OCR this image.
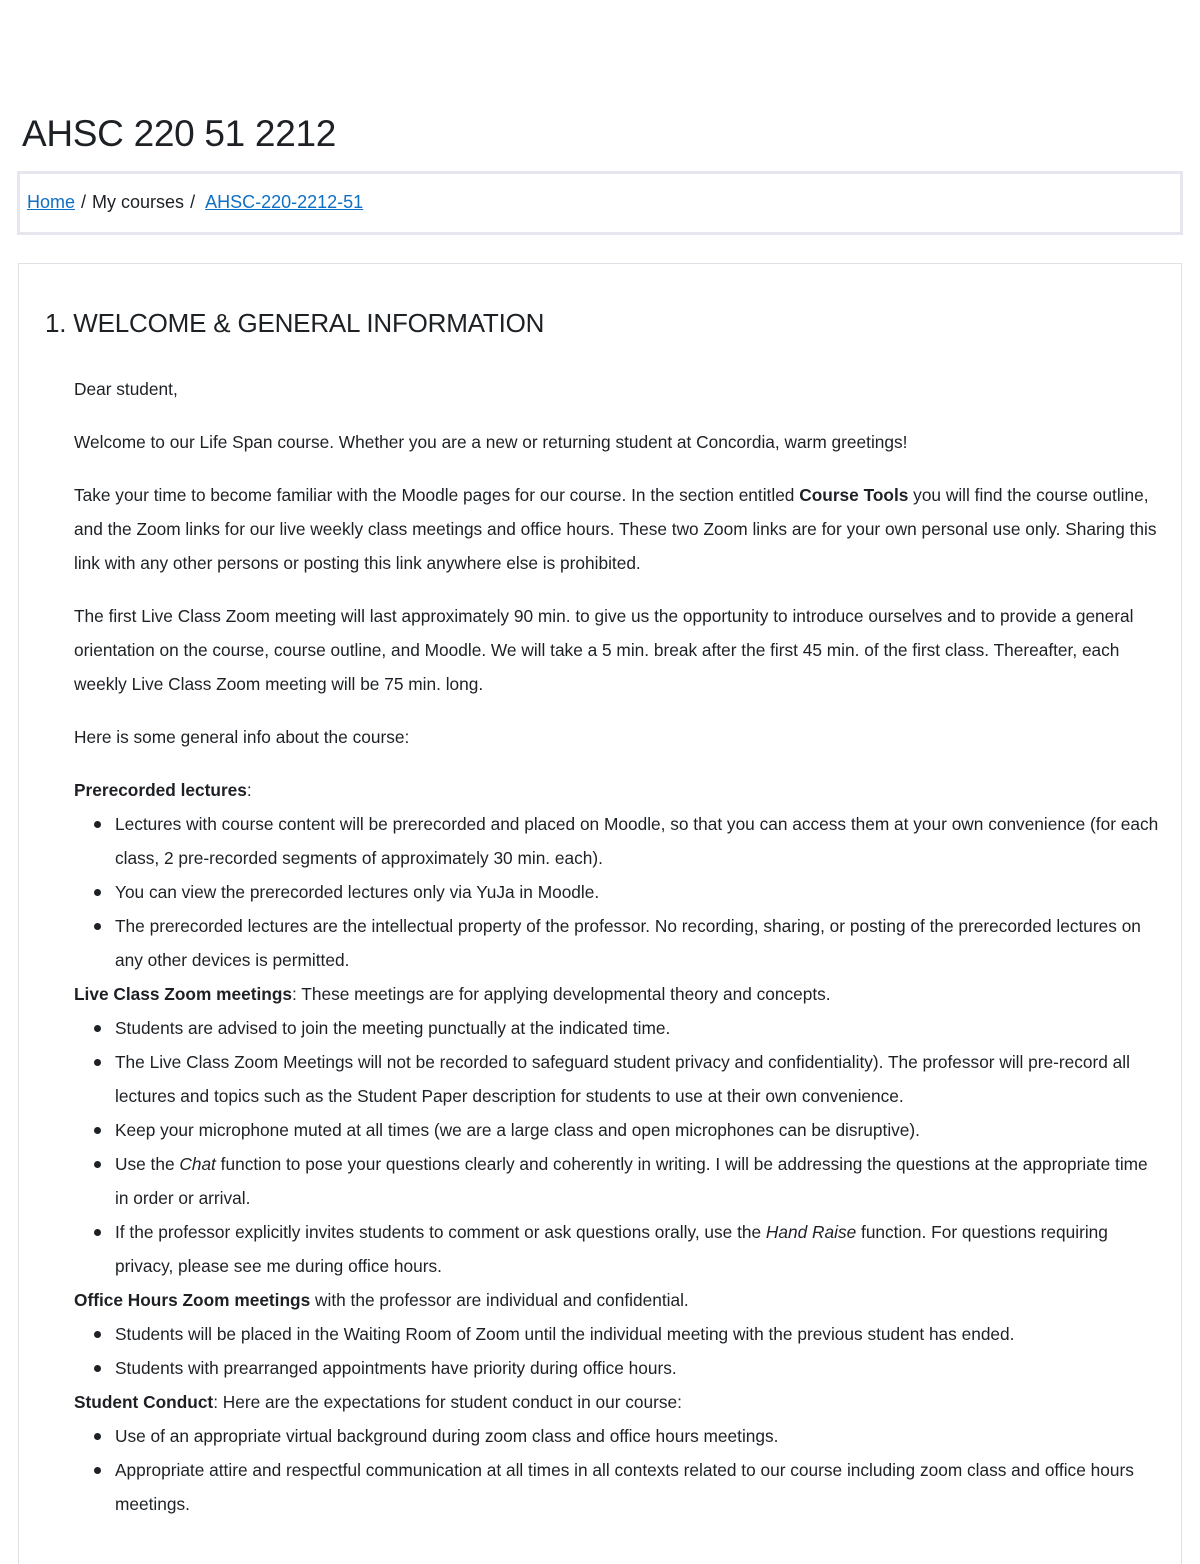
AHSC 220 51 2212
Home / My courses / AHSC-220-2212-51
1. WELCOME & GENERAL INFORMATION

Dear student,

Welcome to our Life Span course. Whether you are a new or returning student at Concordia, warm greetings!

Take your time to become familiar with the Moodle pages for our course. In the section entitled Course Tools you will find the course outline, and the Zoom links for our live weekly class meetings and office hours. These two Zoom links are for your own personal use only. Sharing this link with any other persons or posting this link anywhere else is prohibited.

The first Live Class Zoom meeting will last approximately 90 min. to give us the opportunity to introduce ourselves and to provide a general orientation on the course, course outline, and Moodle. We will take a 5 min. break after the first 45 min. of the first class. Thereafter, each weekly Live Class Zoom meeting will be 75 min. long.

Here is some general info about the course:

Prerecorded lectures:
Lectures with course content will be prerecorded and placed on Moodle, so that you can access them at your own convenience (for each class, 2 pre-recorded segments of approximately 30 min. each).
You can view the prerecorded lectures only via YuJa in Moodle.
The prerecorded lectures are the intellectual property of the professor. No recording, sharing, or posting of the prerecorded lectures on any other devices is permitted.
Live Class Zoom meetings: These meetings are for applying developmental theory and concepts.
Students are advised to join the meeting punctually at the indicated time.
The Live Class Zoom Meetings will not be recorded to safeguard student privacy and confidentiality). The professor will pre-record all lectures and topics such as the Student Paper description for students to use at their own convenience.
Keep your microphone muted at all times (we are a large class and open microphones can be disruptive).
Use the Chat function to pose your questions clearly and coherently in writing. I will be addressing the questions at the appropriate time in order or arrival.
If the professor explicitly invites students to comment or ask questions orally, use the Hand Raise function. For questions requiring privacy, please see me during office hours.
Office Hours Zoom meetings with the professor are individual and confidential.
Students will be placed in the Waiting Room of Zoom until the individual meeting with the previous student has ended.
Students with prearranged appointments have priority during office hours.
Student Conduct: Here are the expectations for student conduct in our course:
Use of an appropriate virtual background during zoom class and office hours meetings.
Appropriate attire and respectful communication at all times in all contexts related to our course including zoom class and office hours meetings.
